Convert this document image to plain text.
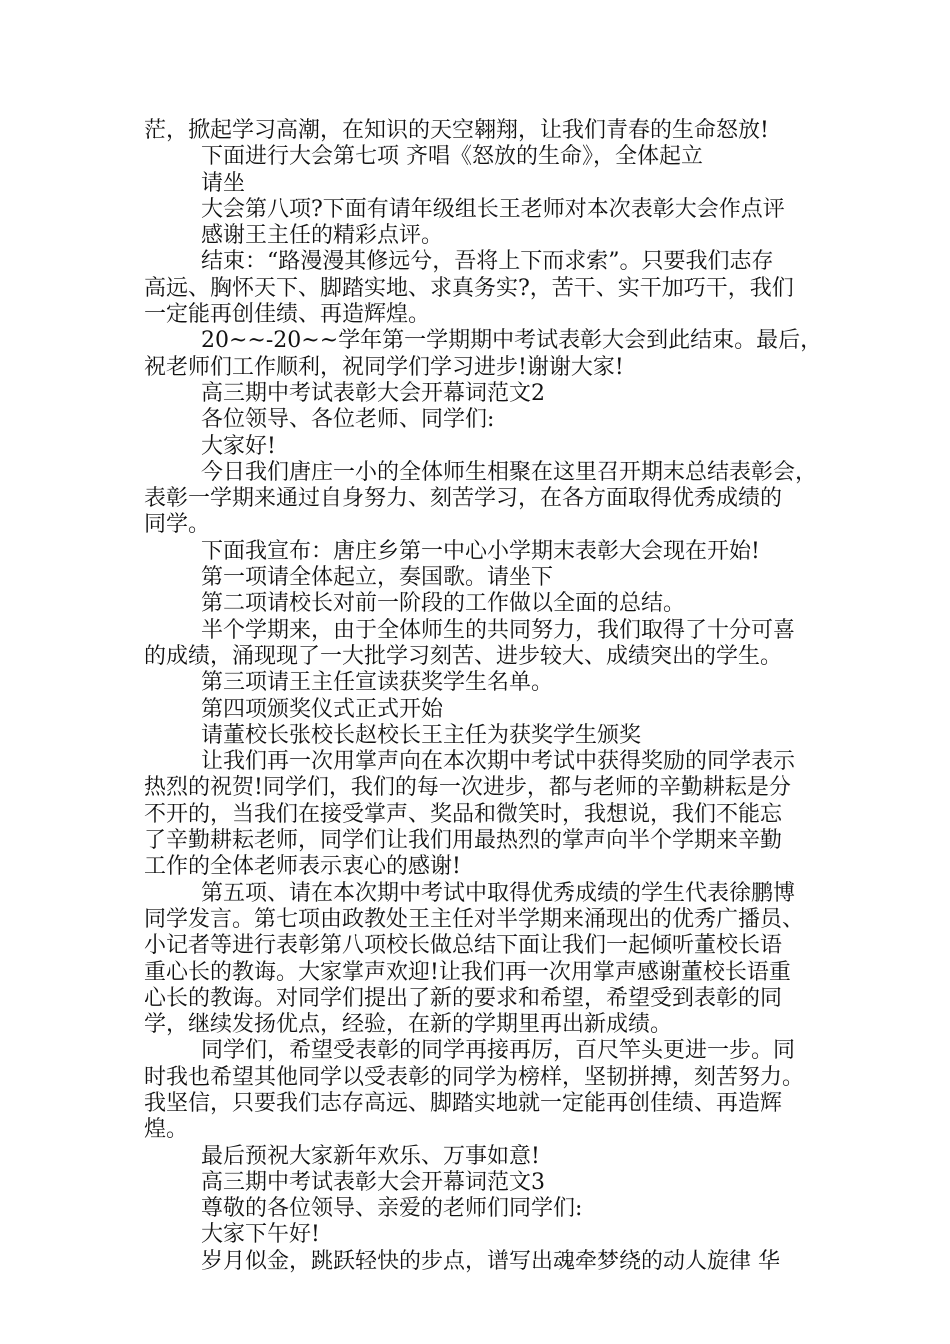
茫，掀起学习高潮，在知识的天空翱翔，让我们青春的生命怒放!

下面进行大会第七项 齐唱《怒放的生命》，全体起立

请坐

大会第八项?下面有请年级组长王老师对本次表彰大会作点评

感谢王主任的精彩点评。

结束：“路漫漫其修远兮，吾将上下而求索”。只要我们志存

高远、胸怀天下、脚踏实地、求真务实?，苦干、实干加巧干，我们

一定能再创佳绩、再造辉煌。

20~~-20~~学年第一学期期中考试表彰大会到此结束。最后，

祝老师们工作顺利，祝同学们学习进步!谢谢大家!

高三期中考试表彰大会开幕词范文2

各位领导、各位老师、同学们:

大家好!

今日我们唐庄一小的全体师生相聚在这里召开期末总结表彰会，

表彰一学期来通过自身努力、刻苦学习，在各方面取得优秀成绩的

同学。

下面我宣布：唐庄乡第一中心小学期末表彰大会现在开始!

第一项请全体起立，奏国歌。请坐下

第二项请校长对前一阶段的工作做以全面的总结。

半个学期来，由于全体师生的共同努力，我们取得了十分可喜

的成绩，涌现现了一大批学习刻苦、进步较大、成绩突出的学生。

第三项请王主任宣读获奖学生名单。

第四项颁奖仪式正式开始

请董校长张校长赵校长王主任为获奖学生颁奖

让我们再一次用掌声向在本次期中考试中获得奖励的同学表示

热烈的祝贺!同学们，我们的每一次进步，都与老师的辛勤耕耘是分

不开的，当我们在接受掌声、奖品和微笑时，我想说，我们不能忘

了辛勤耕耘老师，同学们让我们用最热烈的掌声向半个学期来辛勤

工作的全体老师表示衷心的感谢!

第五项、请在本次期中考试中取得优秀成绩的学生代表徐鹏博

同学发言。第七项由政教处王主任对半学期来涌现出的优秀广播员、

小记者等进行表彰第八项校长做总结下面让我们一起倾听董校长语

重心长的教诲。大家掌声欢迎!让我们再一次用掌声感谢董校长语重

心长的教诲。对同学们提出了新的要求和希望，希望受到表彰的同

学，继续发扬优点，经验，在新的学期里再出新成绩。

同学们，希望受表彰的同学再接再厉，百尺竿头更进一步。同

时我也希望其他同学以受表彰的同学为榜样，坚韧拼搏，刻苦努力。

我坚信，只要我们志存高远、脚踏实地就一定能再创佳绩、再造辉

煌。

最后预祝大家新年欢乐、万事如意!

高三期中考试表彰大会开幕词范文3

尊敬的各位领导、亲爱的老师们同学们:

大家下午好!

岁月似金，跳跃轻快的步点，谱写出魂牵梦绕的动人旋律 华
